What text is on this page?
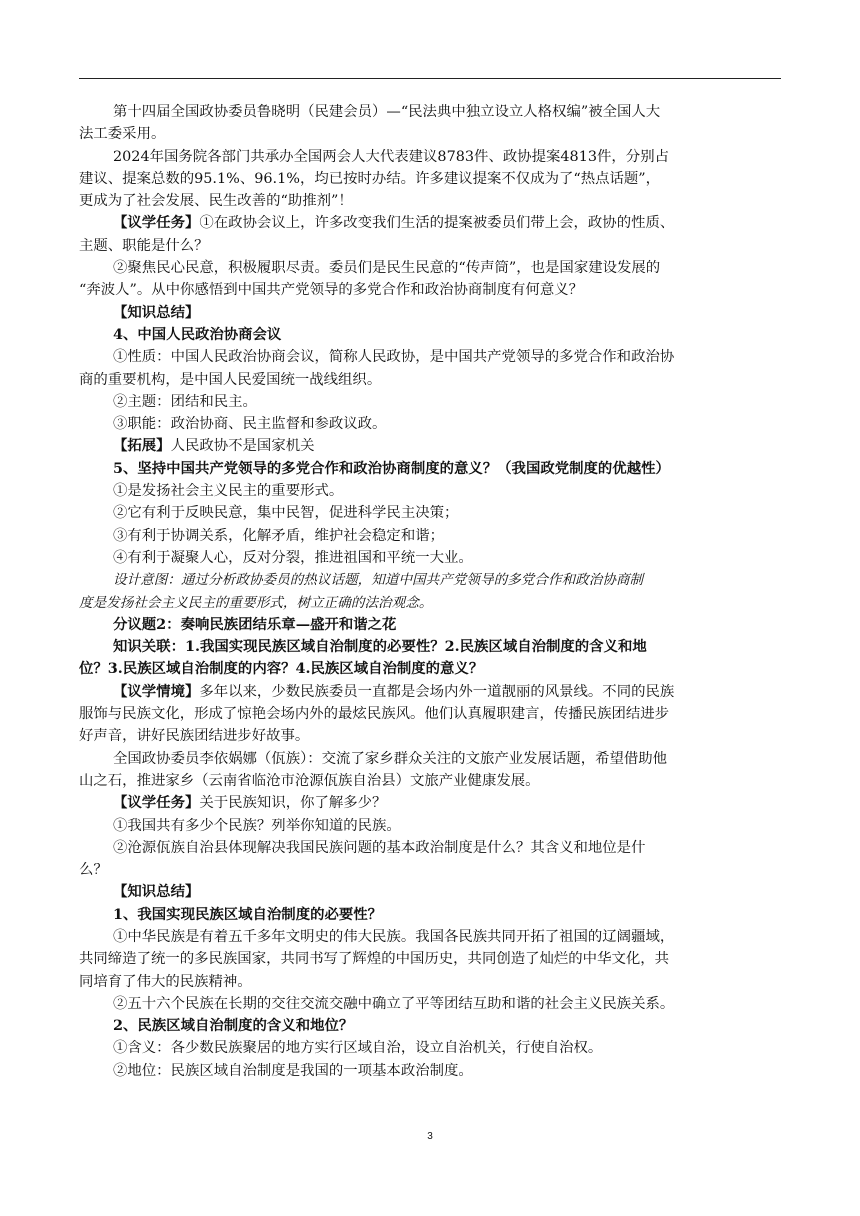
第十四届全国政协委员鲁晓明（民建会员）—“民法典中独立设立人格权编”被全国人大
法工委采用。
2024年国务院各部门共承办全国两会人大代表建议8783件、政协提案4813件，分别占
建议、提案总数的95.1%、96.1%，均已按时办结。许多建议提案不仅成为了“热点话题”，
更成为了社会发展、民生改善的“助推剂”！
【议学任务】①在政协会议上，许多改变我们生活的提案被委员们带上会，政协的性质、
主题、职能是什么？
②聚焦民心民意，积极履职尽责。委员们是民生民意的“传声筒”，也是国家建设发展的
“奔波人”。从中你感悟到中国共产党领导的多党合作和政治协商制度有何意义？
【知识总结】
4、中国人民政治协商会议
①性质：中国人民政治协商会议，简称人民政协，是中国共产党领导的多党合作和政治协
商的重要机构，是中国人民爱国统一战线组织。
②主题：团结和民主。
③职能：政治协商、民主监督和参政议政。
【拓展】人民政协不是国家机关
5、坚持中国共产党领导的多党合作和政治协商制度的意义？（我国政党制度的优越性）
①是发扬社会主义民主的重要形式。
②它有利于反映民意，集中民智，促进科学民主决策；
③有利于协调关系，化解矛盾，维护社会稳定和谐；
④有利于凝聚人心，反对分裂，推进祖国和平统一大业。
设计意图：通过分析政协委员的热议话题，知道中国共产党领导的多党合作和政治协商制
度是发扬社会主义民主的重要形式，树立正确的法治观念。
分议题2：奏响民族团结乐章—盛开和谐之花
知识关联：1.我国实现民族区域自治制度的必要性？2.民族区域自治制度的含义和地
位？3.民族区域自治制度的内容？4.民族区域自治制度的意义？
【议学情境】多年以来，少数民族委员一直都是会场内外一道靓丽的风景线。不同的民族
服饰与民族文化，形成了惊艳会场内外的最炫民族风。他们认真履职建言，传播民族团结进步
好声音，讲好民族团结进步好故事。
全国政协委员李依娲娜（佤族）：交流了家乡群众关注的文旅产业发展话题，希望借助他
山之石，推进家乡（云南省临沧市沧源佤族自治县）文旅产业健康发展。
【议学任务】关于民族知识，你了解多少？
①我国共有多少个民族？列举你知道的民族。
②沧源佤族自治县体现解决我国民族问题的基本政治制度是什么？其含义和地位是什
么？
【知识总结】
1、我国实现民族区域自治制度的必要性？
①中华民族是有着五千多年文明史的伟大民族。我国各民族共同开拓了祖国的辽阔疆域，
共同缔造了统一的多民族国家，共同书写了辉煌的中国历史，共同创造了灿烂的中华文化，共
同培育了伟大的民族精神。
②五十六个民族在长期的交往交流交融中确立了平等团结互助和谐的社会主义民族关系。
2、民族区域自治制度的含义和地位？
①含义：各少数民族聚居的地方实行区域自治，设立自治机关，行使自治权。
②地位：民族区域自治制度是我国的一项基本政治制度。
3
